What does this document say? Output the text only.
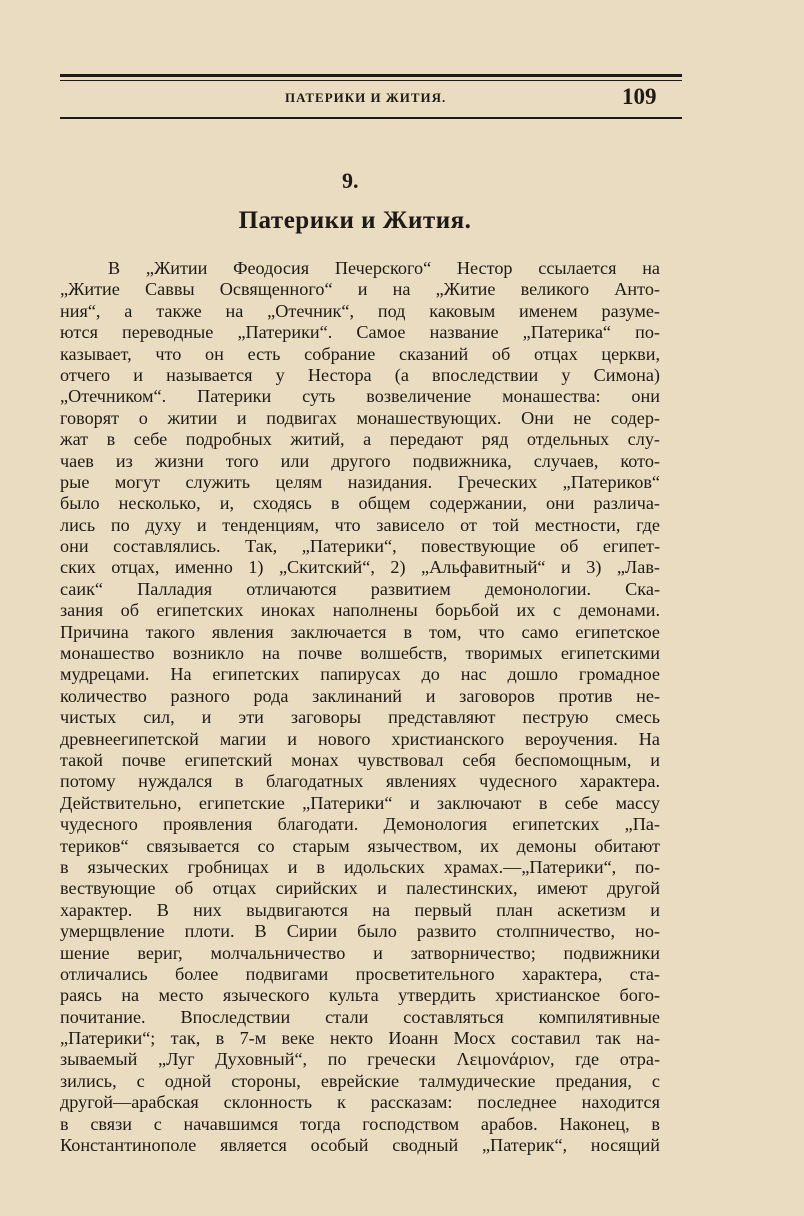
ПАТЕРИКИ И ЖИТИЯ.	109
9.
Патерики и Жития.
В „Житии Феодосия Печерского“ Нестор ссылается на
„Житие Саввы Освященного“ и на „Житие великого Анто-
ния“, а также на „Отечник“, под каковым именем разуме-
ются переводные „Патерики“. Самое название „Патерика“ по-
казывает, что он есть собрание сказаний об отцах церкви,
отчего и называется у Нестора (а впоследствии у Симона)
„Отечником“. Патерики суть возвеличение монашества: они
говорят о житии и подвигах монашествующих. Они не содер-
жат в себе подробных житий, а передают ряд отдельных слу-
чаев из жизни того или другого подвижника, случаев, кото-
рые могут служить целям назидания. Греческих „Патериков“
было несколько, и, сходясь в общем содержании, они различа-
лись по духу и тенденциям, что зависело от той местности, где
они составлялись. Так, „Патерики“, повествующие об египет-
ских отцах, именно 1) „Скитский“, 2) „Альфавитный“ и 3) „Лав-
саик“ Палладия отличаются развитием демонологии. Ска-
зания об египетских иноках наполнены борьбой их с демонами.
Причина такого явления заключается в том, что само египетское
монашество возникло на почве волшебств, творимых египетскими
мудрецами. На египетских папирусах до нас дошло громадное
количество разного рода заклинаний и заговоров против не-
чистых сил, и эти заговоры представляют пеструю смесь
древнеегипетской магии и нового христианского вероучения. На
такой почве египетский монах чувствовал себя беспомощным, и
потому нуждался в благодатных явлениях чудесного характера.
Действительно, египетские „Патерики“ и заключают в себе массу
чудесного проявления благодати. Демонология египетских „Па-
териков“ связывается со старым язычеством, их демоны обитают
в языческих гробницах и в идольских храмах.—„Патерики“, по-
вествующие об отцах сирийских и палестинских, имеют другой
характер. В них выдвигаются на первый план аскетизм и
умерщвление плоти. В Сирии было развито столпничество, но-
шение вериг, молчальничество и затворничество; подвижники
отличались более подвигами просветительного характера, ста-
раясь на место языческого культа утвердить христианское бого-
почитание. Впоследствии стали составляться компилятивные
„Патерики“; так, в 7-м веке некто Иоанн Мосх составил так на-
зываемый „Луг Духовный“, по гречески Λειμονάριον, где отра-
зились, с одной стороны, еврейские талмудические предания, с
другой—арабская склонность к рассказам: последнее находится
в связи с начавшимся тогда господством арабов. Наконец, в
Константинополе является особый сводный „Патерик“, носящий
